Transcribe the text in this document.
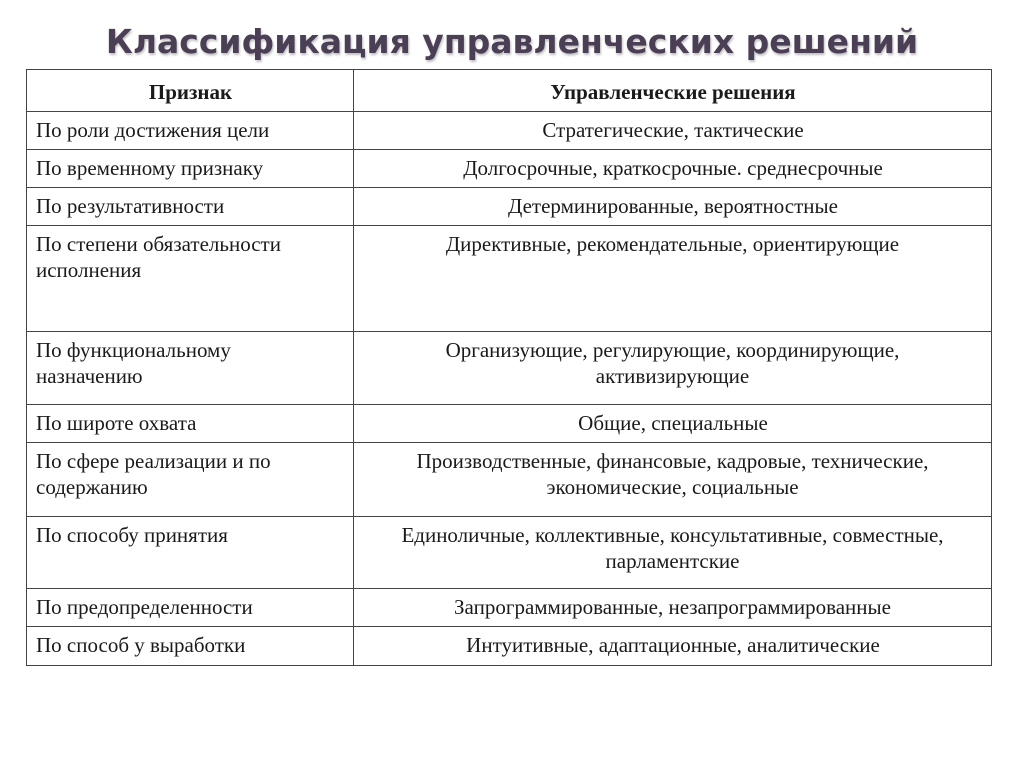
Классификация управленческих решений
Признак	Управленческие решения
По роли достижения цели	Стратегические, тактические
По временному признаку	Долгосрочные, краткосрочные. среднесрочные
По результативности	Детерминированные, вероятностные
По степени обязательности исполнения	Директивные, рекомендательные, ориентирующие
По функциональному назначению	Организующие, регулирующие, координирующие, активизирующие
По широте охвата	Общие, специальные
По сфере реализации и по содержанию	Производственные, финансовые, кадровые, технические, экономические, социальные
По способу принятия	Единоличные, коллективные, консультативные, совместные, парламентские
По предопределенности	Запрограммированные, незапрограммированные
По способ у выработки	Интуитивные, адаптационные, аналитические
